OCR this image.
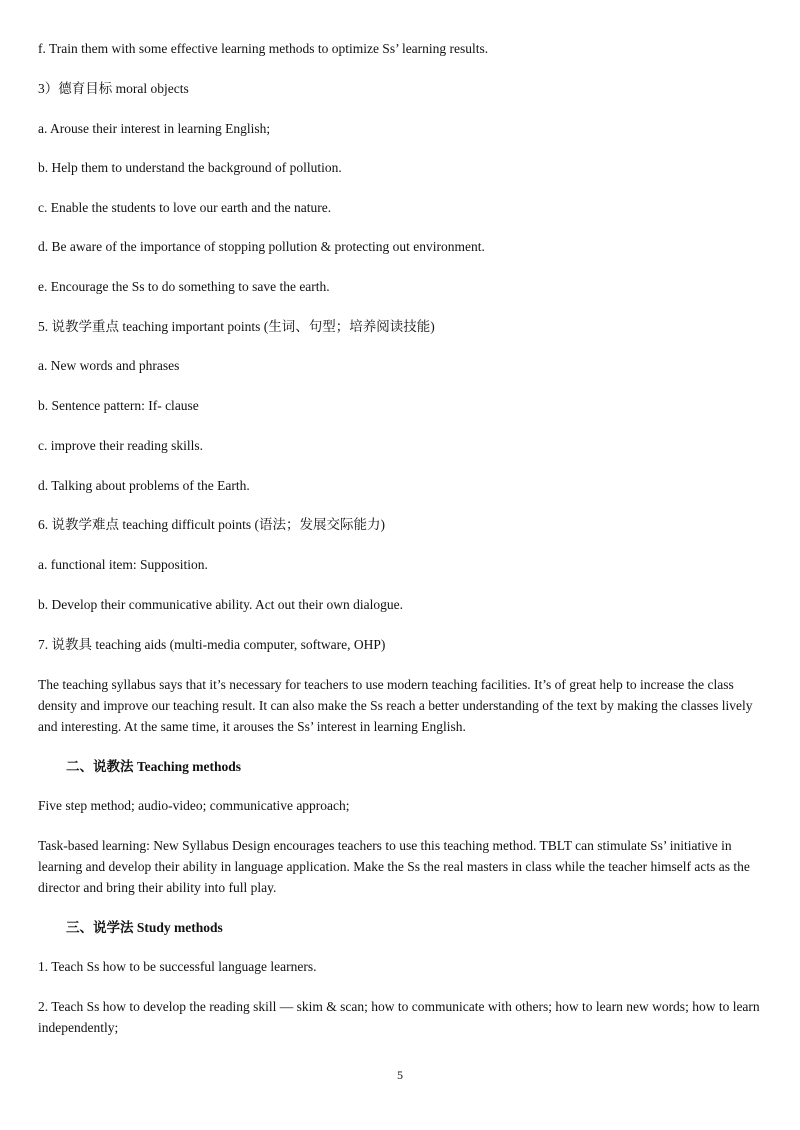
f. Train them with some effective learning methods to optimize Ss’ learning results.

3）德育目标 moral objects

a. Arouse their interest in learning English;

b. Help them to understand the background of pollution.

c. Enable the students to love our earth and the nature.

d. Be aware of the importance of stopping pollution & protecting out environment.

e. Encourage the Ss to do something to save the earth.

5. 说教学重点 teaching important points (生词、句型；培养阅读技能)

a. New words and phrases

b. Sentence pattern: If- clause

c. improve their reading skills.

d. Talking about problems of the Earth.

6. 说教学难点 teaching difficult points (语法；发展交际能力)

a. functional item: Supposition.

b. Develop their communicative ability. Act out their own dialogue.

7. 说教具 teaching aids (multi-media computer, software, OHP)

The teaching syllabus says that it’s necessary for teachers to use modern teaching facilities. It’s of great help to increase the class density and improve our teaching result. It can also make the Ss reach a better understanding of the text by making the classes lively and interesting. At the same time, it arouses the Ss’ interest in learning English.

二、说教法 Teaching methods

Five step method; audio-video; communicative approach;

Task-based learning: New Syllabus Design encourages teachers to use this teaching method. TBLT can stimulate Ss’ initiative in learning and develop their ability in language application. Make the Ss the real masters in class while the teacher himself acts as the director and bring their ability into full play.

三、说学法 Study methods

1. Teach Ss how to be successful language learners.

2. Teach Ss how to develop the reading skill — skim & scan; how to communicate with others; how to learn new words; how to learn independently;

5
